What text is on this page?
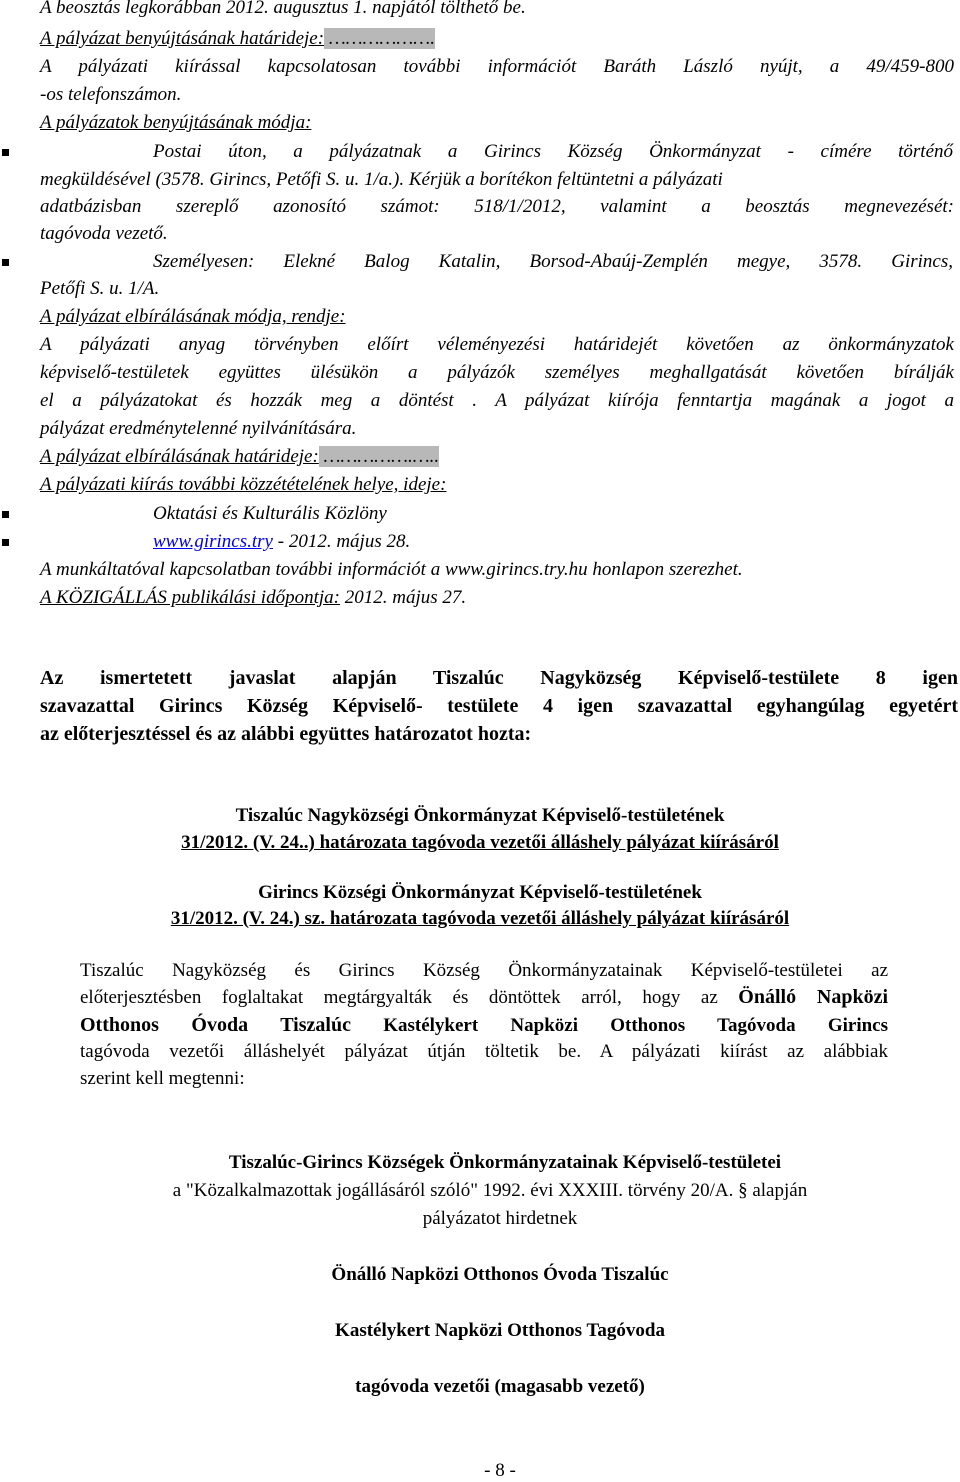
A beosztás legkorábban 2012. augusztus 1. napjától tölthető be.
A pályázat benyújtásának határideje: ……………….
A pályázati kiírással kapcsolatosan további információt Baráth László nyújt, a 49/459-800
-os telefonszámon.
A pályázatok benyújtásának módja:
Postai úton, a pályázatnak a Girincs Község Önkormányzat - címére történő
megküldésével (3578. Girincs, Petőfi S. u. 1/a.). Kérjük a borítékon feltüntetni a pályázati
adatbázisban szereplő azonosító számot: 518/1/2012, valamint a beosztás megnevezését:
tagóvoda vezető.
Személyesen: Elekné Balog Katalin, Borsod-Abaúj-Zemplén megye, 3578. Girincs,
Petőfi S. u. 1/A.
A pályázat elbírálásának módja, rendje:
A pályázati anyag törvényben előírt véleményezési határidejét követően az önkormányzatok
képviselő-testületek együttes ülésükön a pályázók személyes meghallgatását követően bírálják
el a pályázatokat és hozzák meg a döntést . A pályázat kiírója fenntartja magának a jogot a
pályázat eredménytelenné nyilvánítására.
A pályázat elbírálásának határideje: …………….…..
A pályázati kiírás további közzétételének helye, ideje:
Oktatási és Kulturális Közlöny
www.girincs.try - 2012. május 28.
A munkáltatóval kapcsolatban további információt a www.girincs.try.hu honlapon szerezhet.
A KÖZIGÁLLÁS publikálási időpontja: 2012. május 27.
Az ismertetett javaslat alapján Tiszalúc Nagyközség Képviselő-testülete 8 igen
szavazattal Girincs Község Képviselő- testülete 4 igen szavazattal egyhangúlag egyetért
az előterjesztéssel és az alábbi együttes határozatot hozta:
Tiszalúc Nagyközségi Önkormányzat Képviselő-testületének
31/2012. (V. 24..) határozata tagóvoda vezetői álláshely pályázat kiírásáról
Girincs Községi Önkormányzat Képviselő-testületének
31/2012. (V. 24.) sz. határozata tagóvoda vezetői álláshely pályázat kiírásáról
Tiszalúc Nagyközség és Girincs Község Önkormányzatainak Képviselő-testületei az
előterjesztésben foglaltakat megtárgyalták és döntöttek arról, hogy az Önálló Napközi
Otthonos Óvoda Tiszalúc Kastélykert Napközi Otthonos Tagóvoda Girincs
tagóvoda vezetői álláshelyét pályázat útján töltetik be. A pályázati kiírást az alábbiak
szerint kell megtenni:
Tiszalúc-Girincs Községek Önkormányzatainak Képviselő-testületei
a "Közalkalmazottak jogállásáról szóló" 1992. évi XXXIII. törvény 20/A. § alapján
pályázatot hirdetnek
Önálló Napközi Otthonos Óvoda Tiszalúc
Kastélykert Napközi Otthonos Tagóvoda
tagóvoda vezetői (magasabb vezető)
- 8 -
